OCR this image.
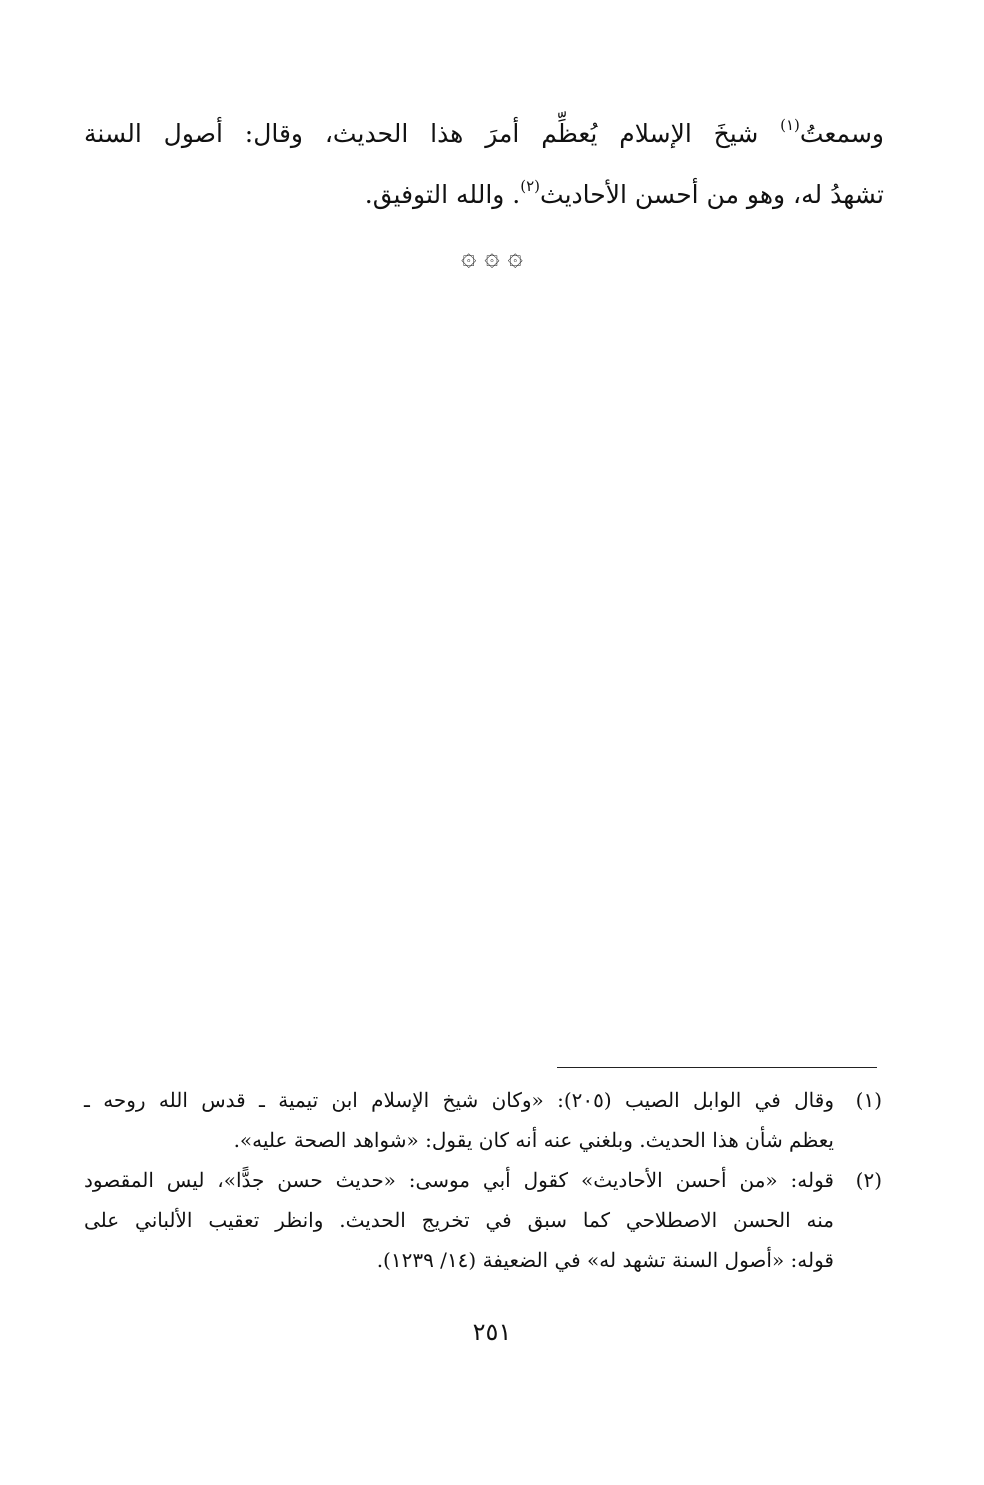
وسمعتُ$^{(١)}$ شيخَ الإسلام يُعظِّم أمرَ هذا الحديث، وقال: أصول السنة
تشهدُ له، وهو من أحسن الأحاديث$^{(٢)}$. والله التوفيق.
۞ ۞ ۞
(١)
وقال في الوابل الصيب (٢٠٥): «وكان شيخ الإسلام ابن تيمية ـ قدس الله روحه ـ
يعظم شأن هذا الحديث. وبلغني عنه أنه كان يقول: «شواهد الصحة عليه».
(٢)
قوله: «من أحسن الأحاديث» كقول أبي موسى: «حديث حسن جدًّا»، ليس المقصود
منه الحسن الاصطلاحي كما سبق في تخريج الحديث. وانظر تعقيب الألباني على
قوله: «أصول السنة تشهد له» في الضعيفة (١٤/ ١٢٣٩).
٢٥١
